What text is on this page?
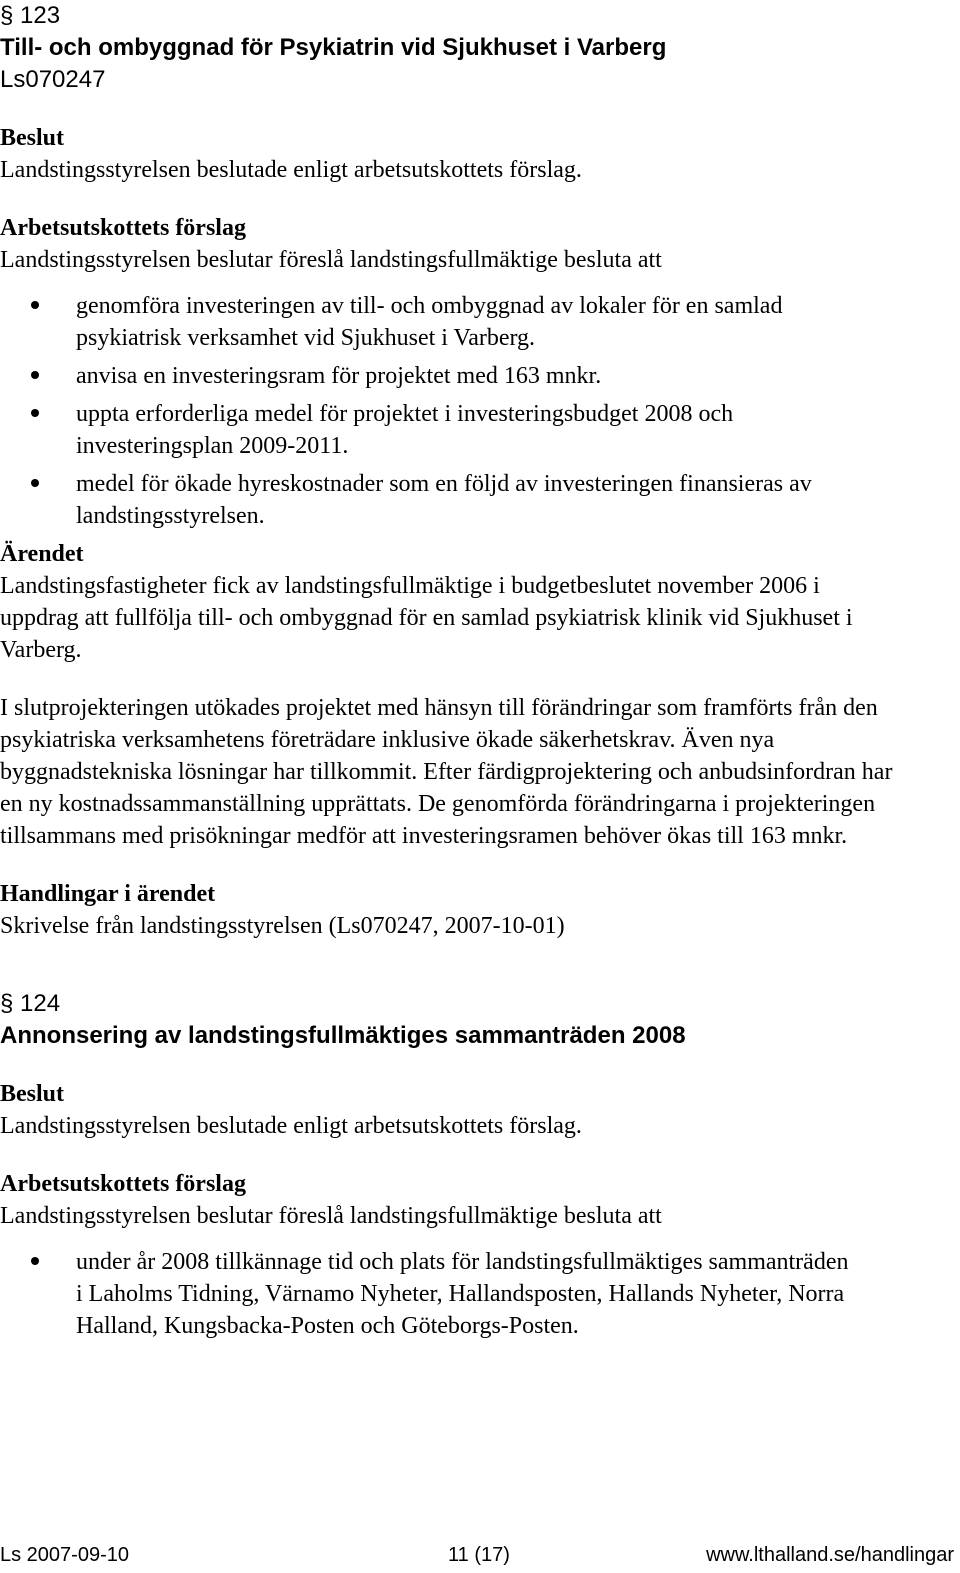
§ 123
Till- och ombyggnad för Psykiatrin vid Sjukhuset i Varberg
Ls070247
Beslut

Landstingsstyrelsen beslutade enligt arbetsutskottets förslag.

Arbetsutskottets förslag

Landstingsstyrelsen beslutar föreslå landstingsfullmäktige besluta att

genomföra investeringen av till- och ombyggnad av lokaler för en samlad psykiatrisk verksamhet vid Sjukhuset i Varberg.
anvisa en investeringsram för projektet med 163 mnkr.
uppta erforderliga medel för projektet i investeringsbudget 2008 och investeringsplan 2009-2011.
medel för ökade hyreskostnader som en följd av investeringen finansieras av landstingsstyrelsen.
Ärendet

Landstingsfastigheter fick av landstingsfullmäktige i budgetbeslutet november 2006 i uppdrag att fullfölja till- och ombyggnad för en samlad psykiatrisk klinik vid Sjukhuset i Varberg.

I slutprojekteringen utökades projektet med hänsyn till förändringar som framförts från den psykiatriska verksamhetens företrädare inklusive ökade säkerhetskrav. Även nya byggnadstekniska lösningar har tillkommit. Efter färdigprojektering och anbudsinfordran har en ny kostnadssammanställning upprättats. De genomförda förändringarna i projekteringen tillsammans med prisökningar medför att investeringsramen behöver ökas till 163 mnkr.

Handlingar i ärendet

Skrivelse från landstingsstyrelsen (Ls070247, 2007-10-01)

§ 124
Annonsering av landstingsfullmäktiges sammanträden 2008
Beslut

Landstingsstyrelsen beslutade enligt arbetsutskottets förslag.

Arbetsutskottets förslag

Landstingsstyrelsen beslutar föreslå landstingsfullmäktige besluta att

under år 2008 tillkännage tid och plats för landstingsfullmäktiges sammanträden i Laholms Tidning, Värnamo Nyheter, Hallandsposten, Hallands Nyheter, Norra Halland, Kungsbacka-Posten och Göteborgs-Posten.
Ls 2007-09-10	11 (17)	www.lthalland.se/handlingar
